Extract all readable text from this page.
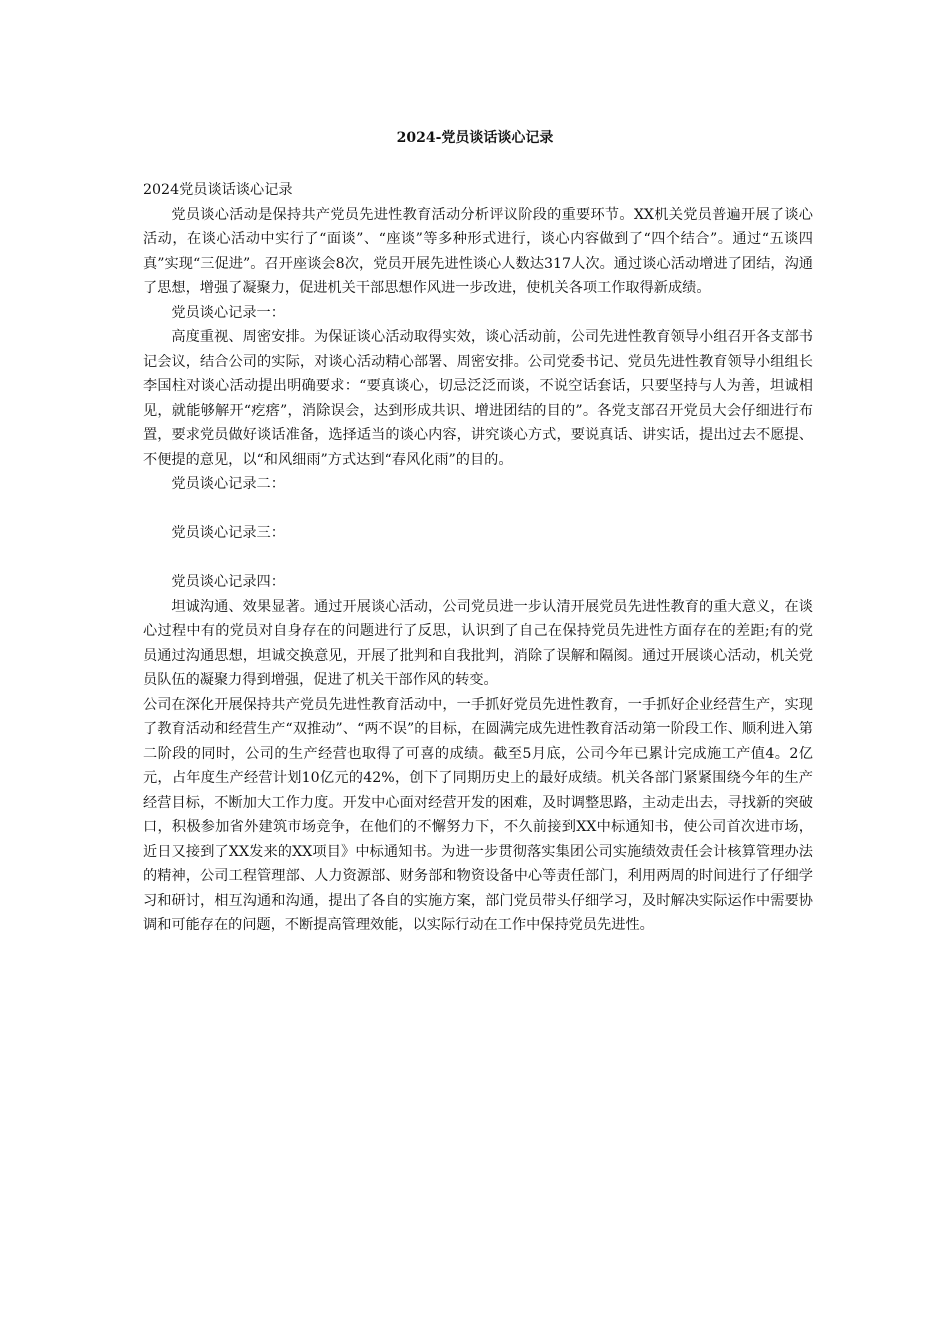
2024-党员谈话谈心记录

2024党员谈话谈心记录

党员谈心活动是保持共产党员先进性教育活动分析评议阶段的重要环节。XX机关党员普遍开展了谈心活动，在谈心活动中实行了“面谈”、“座谈”等多种形式进行，谈心内容做到了“四个结合”。通过“五谈四真”实现“三促进”。召开座谈会8次，党员开展先进性谈心人数达317人次。通过谈心活动增进了团结，沟通了思想，增强了凝聚力，促进机关干部思想作风进一步改进，使机关各项工作取得新成绩。

党员谈心记录一：

高度重视、周密安排。为保证谈心活动取得实效，谈心活动前，公司先进性教育领导小组召开各支部书记会议，结合公司的实际，对谈心活动精心部署、周密安排。公司党委书记、党员先进性教育领导小组组长李国柱对谈心活动提出明确要求：“要真谈心，切忌泛泛而谈，不说空话套话，只要坚持与人为善，坦诚相见，就能够解开“疙瘩”，消除误会，达到形成共识、增进团结的目的”。各党支部召开党员大会仔细进行布置，要求党员做好谈话准备，选择适当的谈心内容，讲究谈心方式，要说真话、讲实话，提出过去不愿提、不便提的意见，以“和风细雨”方式达到“春风化雨”的目的。

党员谈心记录二：

党员谈心记录三：

党员谈心记录四：

坦诚沟通、效果显著。通过开展谈心活动，公司党员进一步认清开展党员先进性教育的重大意义，在谈心过程中有的党员对自身存在的问题进行了反思，认识到了自己在保持党员先进性方面存在的差距;有的党员通过沟通思想，坦诚交换意见，开展了批判和自我批判，消除了误解和隔阂。通过开展谈心活动，机关党员队伍的凝聚力得到增强，促进了机关干部作风的转变。

公司在深化开展保持共产党员先进性教育活动中，一手抓好党员先进性教育，一手抓好企业经营生产，实现了教育活动和经营生产“双推动”、“两不误”的目标，在圆满完成先进性教育活动第一阶段工作、顺利进入第二阶段的同时，公司的生产经营也取得了可喜的成绩。截至5月底，公司今年已累计完成施工产值4。2亿元，占年度生产经营计划10亿元的42%，创下了同期历史上的最好成绩。机关各部门紧紧围绕今年的生产经营目标，不断加大工作力度。开发中心面对经营开发的困难，及时调整思路，主动走出去，寻找新的突破口，积极参加省外建筑市场竞争，在他们的不懈努力下，不久前接到XX中标通知书，使公司首次进市场，近日又接到了XX发来的XX项目》中标通知书。为进一步贯彻落实集团公司实施绩效责任会计核算管理办法的精神，公司工程管理部、人力资源部、财务部和物资设备中心等责任部门，利用两周的时间进行了仔细学习和研讨，相互沟通和沟通，提出了各自的实施方案，部门党员带头仔细学习，及时解决实际运作中需要协调和可能存在的问题，不断提高管理效能，以实际行动在工作中保持党员先进性。
